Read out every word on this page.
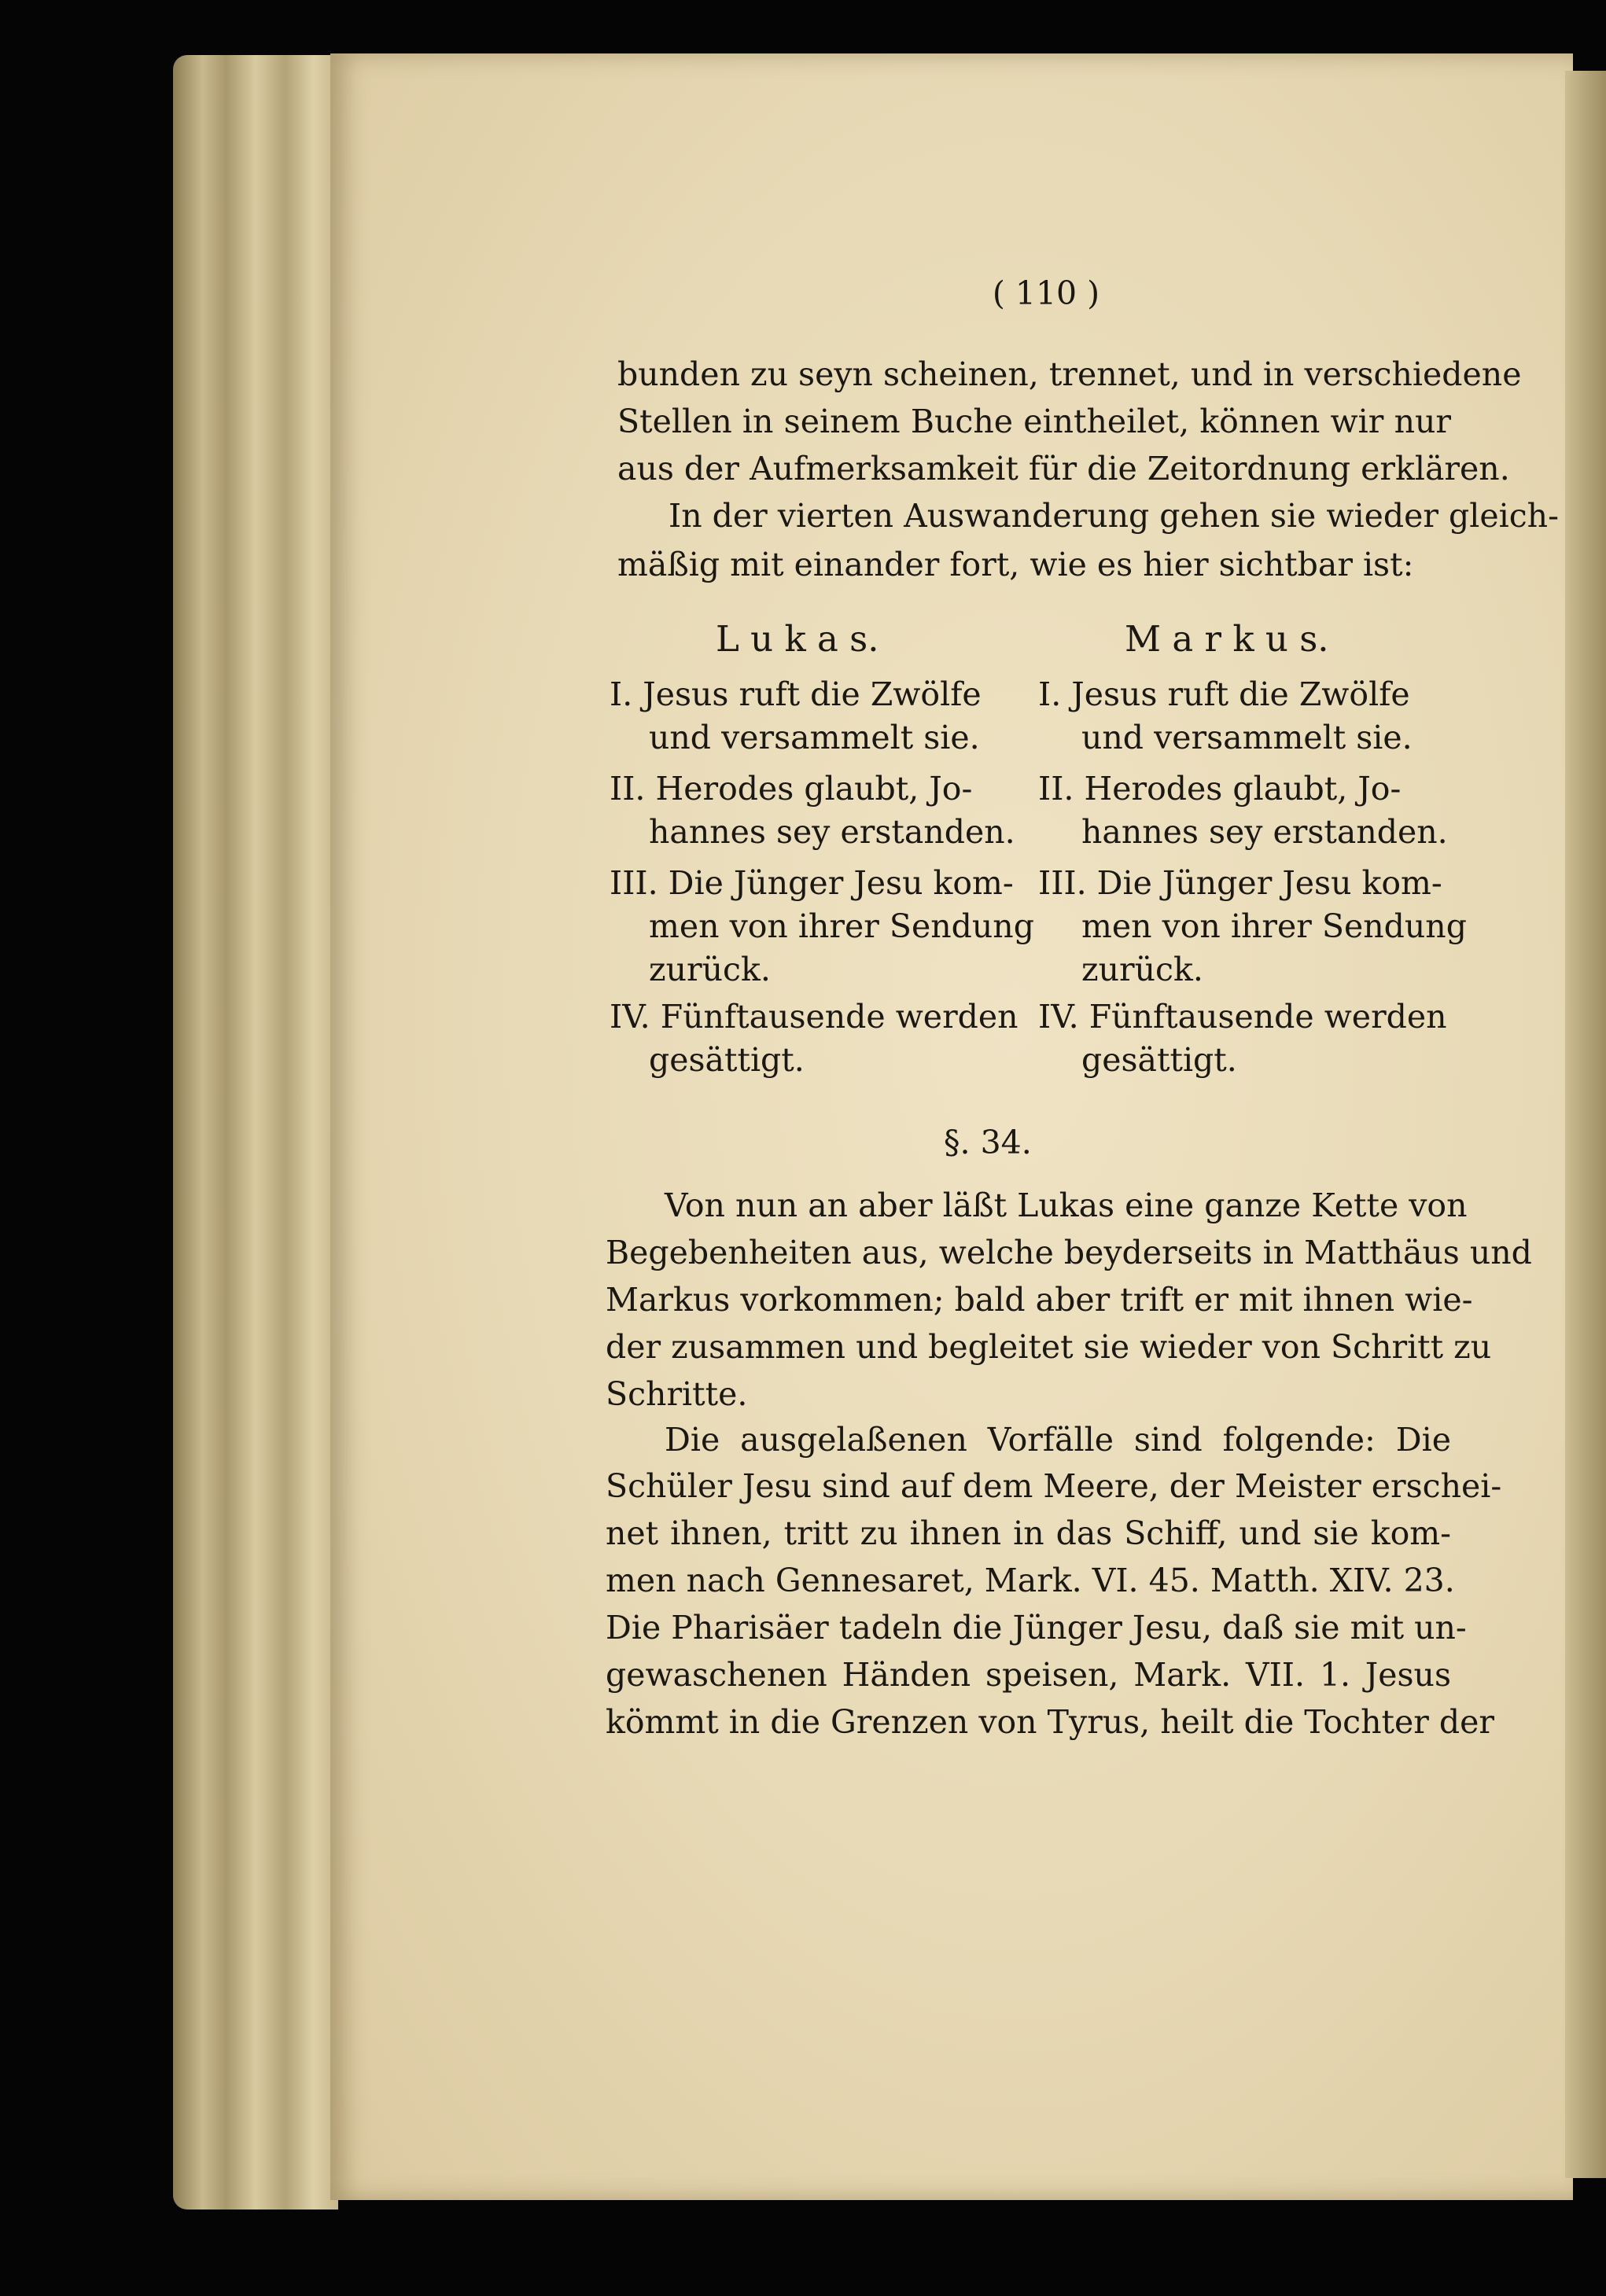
( 110 )
bunden zu seyn scheinen, trennet, und in verschiedene
Stellen in seinem Buche eintheilet, können wir nur
aus der Aufmerksamkeit für die Zeitordnung erklären.
In der vierten Auswanderung gehen sie wieder gleich-
mäßig mit einander fort, wie es hier sichtbar ist:
L u k a s.	M a r k u s.
I. Jesus ruft die Zwölfe
und versammelt sie.
II. Herodes glaubt, Jo-
hannes sey erstanden.
III. Die Jünger Jesu kom-
men von ihrer Sendung
zurück.
IV. Fünftausende werden
gesättigt.
I. Jesus ruft die Zwölfe
und versammelt sie.
II. Herodes glaubt, Jo-
hannes sey erstanden.
III. Die Jünger Jesu kom-
men von ihrer Sendung
zurück.
IV. Fünftausende werden
gesättigt.
§. 34.
Von nun an aber läßt Lukas eine ganze Kette von
Begebenheiten aus, welche beyderseits in Matthäus und
Markus vorkommen; bald aber trift er mit ihnen wie-
der zusammen und begleitet sie wieder von Schritt zu
Schritte.
Die ausgelaßenen Vorfälle sind folgende: Die
Schüler Jesu sind auf dem Meere, der Meister erschei-
net ihnen, tritt zu ihnen in das Schiff, und sie kom-
men nach Gennesaret, Mark. VI. 45. Matth. XIV. 23.
Die Pharisäer tadeln die Jünger Jesu, daß sie mit un-
gewaschenen Händen speisen, Mark. VII. 1. Jesus
kömmt in die Grenzen von Tyrus, heilt die Tochter der
